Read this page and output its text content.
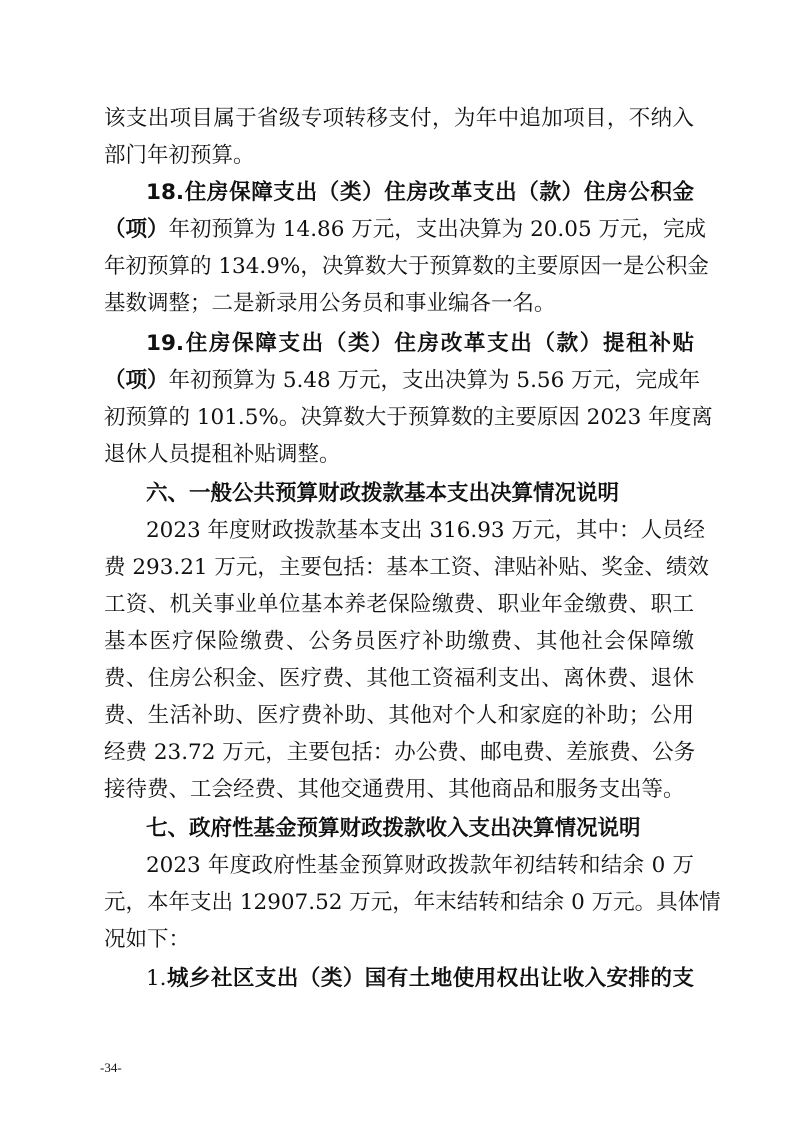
该支出项目属于省级专项转移支付，为年中追加项目，不纳入
部门年初预算。
18.住房保障支出（类）住房改革支出（款）住房公积金
（项）年初预算为 14.86 万元，支出决算为 20.05 万元，完成
年初预算的 134.9%，决算数大于预算数的主要原因一是公积金
基数调整；二是新录用公务员和事业编各一名。
19.住房保障支出（类）住房改革支出（款）提租补贴
（项）年初预算为 5.48 万元，支出决算为 5.56 万元，完成年
初预算的 101.5%。决算数大于预算数的主要原因 2023 年度离
退休人员提租补贴调整。
六、一般公共预算财政拨款基本支出决算情况说明
2023 年度财政拨款基本支出 316.93 万元，其中：人员经
费 293.21 万元，主要包括：基本工资、津贴补贴、奖金、绩效
工资、机关事业单位基本养老保险缴费、职业年金缴费、职工
基本医疗保险缴费、公务员医疗补助缴费、其他社会保障缴
费、住房公积金、医疗费、其他工资福利支出、离休费、退休
费、生活补助、医疗费补助、其他对个人和家庭的补助；公用
经费 23.72 万元，主要包括：办公费、邮电费、差旅费、公务
接待费、工会经费、其他交通费用、其他商品和服务支出等。
七、政府性基金预算财政拨款收入支出决算情况说明
2023 年度政府性基金预算财政拨款年初结转和结余 0 万
元，本年支出 12907.52 万元，年末结转和结余 0 万元。具体情
况如下：
1.城乡社区支出（类）国有土地使用权出让收入安排的支
-34-
